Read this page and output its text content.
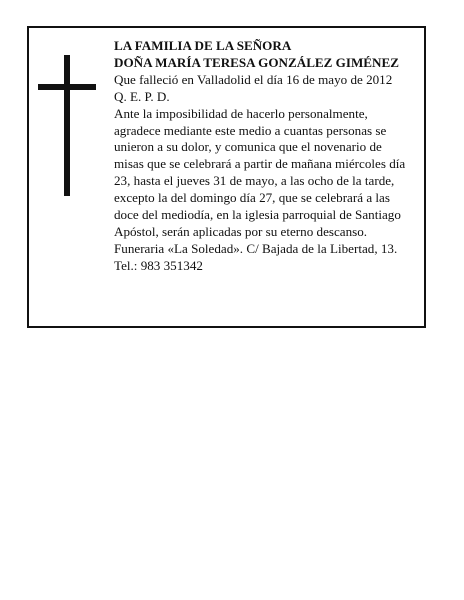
LA FAMILIA DE LA SEÑORA

DOÑA MARÍA TERESA GONZÁLEZ GIMÉNEZ

Que falleció en Valladolid el día 16 de mayo de 2012

Q. E. P. D.

Ante la imposibilidad de hacerlo personalmente,

agradece mediante este medio a cuantas personas se

unieron a su dolor, y comunica que el novenario de

misas que se celebrará a partir de mañana miércoles día

23, hasta el jueves 31 de mayo, a las ocho de la tarde,

excepto la del domingo día 27, que se celebrará a las

doce del mediodía, en la iglesia parroquial de Santiago

Apóstol, serán aplicadas por su eterno descanso.

Funeraria «La Soledad». C/ Bajada de la Libertad, 13.

Tel.: 983 351342
